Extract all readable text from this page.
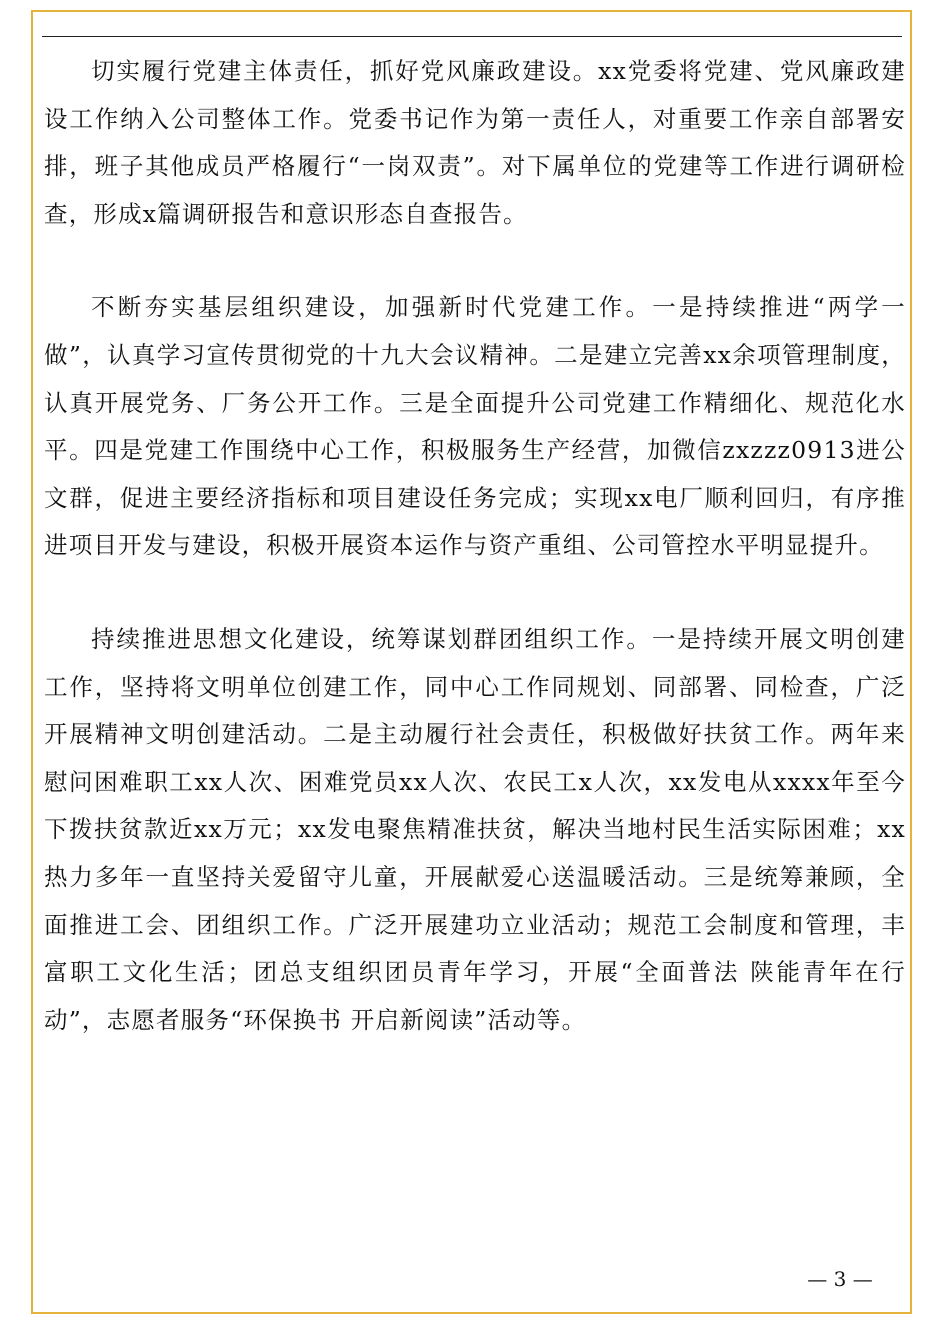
切实履行党建主体责任，抓好党风廉政建设。xx党委将党建、党风廉政建设工作纳入公司整体工作。党委书记作为第一责任人，对重要工作亲自部署安排，班子其他成员严格履行“一岗双责”。对下属单位的党建等工作进行调研检查，形成x篇调研报告和意识形态自查报告。

不断夯实基层组织建设，加强新时代党建工作。一是持续推进“两学一做”，认真学习宣传贯彻党的十九大会议精神。二是建立完善xx余项管理制度，认真开展党务、厂务公开工作。三是全面提升公司党建工作精细化、规范化水平。四是党建工作围绕中心工作，积极服务生产经营，加微信zxzzz0913进公文群，促进主要经济指标和项目建设任务完成；实现xx电厂顺利回归，有序推进项目开发与建设，积极开展资本运作与资产重组、公司管控水平明显提升。

持续推进思想文化建设，统筹谋划群团组织工作。一是持续开展文明创建工作，坚持将文明单位创建工作，同中心工作同规划、同部署、同检查，广泛开展精神文明创建活动。二是主动履行社会责任，积极做好扶贫工作。两年来慰问困难职工xx人次、困难党员xx人次、农民工x人次，xx发电从xxxx年至今下拨扶贫款近xx万元；xx发电聚焦精准扶贫，解决当地村民生活实际困难；xx热力多年一直坚持关爱留守儿童，开展献爱心送温暖活动。三是统筹兼顾，全面推进工会、团组织工作。广泛开展建功立业活动；规范工会制度和管理，丰富职工文化生活；团总支组织团员青年学习，开展“全面普法 陕能青年在行动”，志愿者服务“环保换书 开启新阅读”活动等。

— 3 —
